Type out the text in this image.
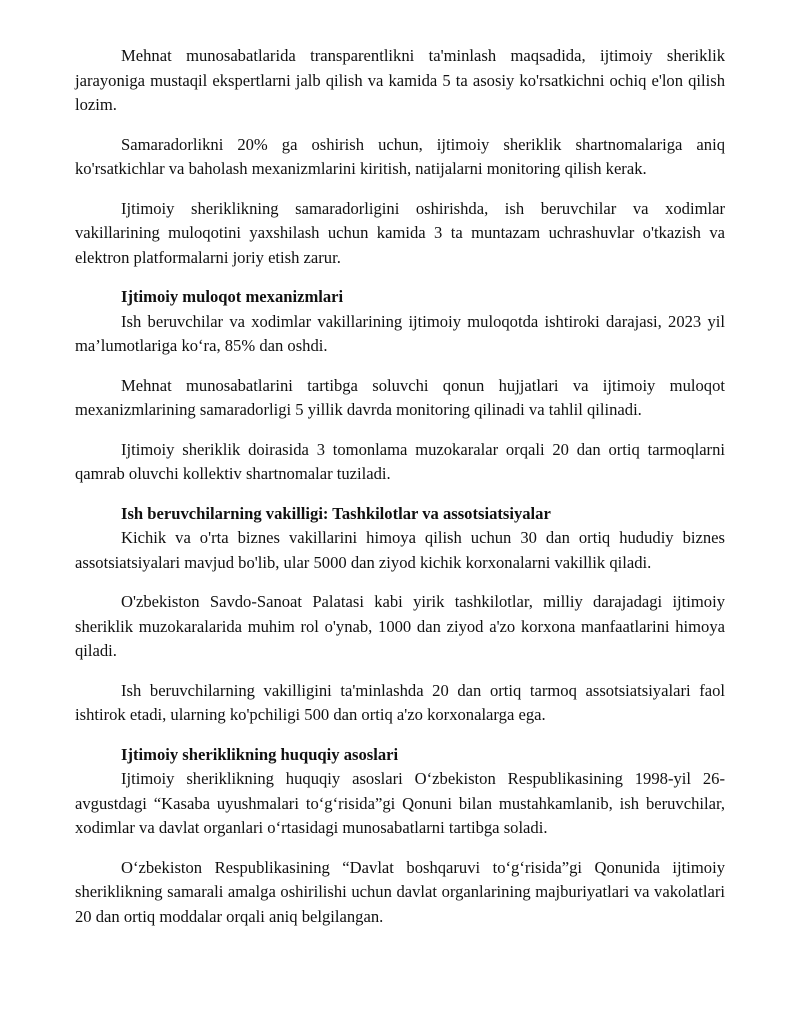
Mehnat munosabatlarida transparentlikni ta'minlash maqsadida, ijtimoiy sheriklik jarayoniga mustaqil ekspertlarni jalb qilish va kamida 5 ta asosiy ko'rsatkichni ochiq e'lon qilish lozim.

Samaradorlikni 20% ga oshirish uchun, ijtimoiy sheriklik shartnomalariga aniq ko'rsatkichlar va baholash mexanizmlarini kiritish, natijalarni monitoring qilish kerak.

Ijtimoiy sheriklikning samaradorligini oshirishda, ish beruvchilar va xodimlar vakillarining muloqotini yaxshilash uchun kamida 3 ta muntazam uchrashuvlar o'tkazish va elektron platformalarni joriy etish zarur.

Ijtimoiy muloqot mexanizmlari

Ish beruvchilar va xodimlar vakillarining ijtimoiy muloqotda ishtiroki darajasi, 2023 yil ma’lumotlariga ko‘ra, 85% dan oshdi.

Mehnat munosabatlarini tartibga soluvchi qonun hujjatlari va ijtimoiy muloqot mexanizmlarining samaradorligi 5 yillik davrda monitoring qilinadi va tahlil qilinadi.

Ijtimoiy sheriklik doirasida 3 tomonlama muzokaralar orqali 20 dan ortiq tarmoqlarni qamrab oluvchi kollektiv shartnomalar tuziladi.

Ish beruvchilarning vakilligi: Tashkilotlar va assotsiatsiyalar

Kichik va o'rta biznes vakillarini himoya qilish uchun 30 dan ortiq hududiy biznes assotsiatsiyalari mavjud bo'lib, ular 5000 dan ziyod kichik korxonalarni vakillik qiladi.

O'zbekiston Savdo-Sanoat Palatasi kabi yirik tashkilotlar, milliy darajadagi ijtimoiy sheriklik muzokaralarida muhim rol o'ynab, 1000 dan ziyod a'zo korxona manfaatlarini himoya qiladi.

Ish beruvchilarning vakilligini ta'minlashda 20 dan ortiq tarmoq assotsiatsiyalari faol ishtirok etadi, ularning ko'pchiligi 500 dan ortiq a'zo korxonalarga ega.

Ijtimoiy sheriklikning huquqiy asoslari

Ijtimoiy sheriklikning huquqiy asoslari O‘zbekiston Respublikasining 1998-yil 26-avgustdagi “Kasaba uyushmalari to‘g‘risida”gi Qonuni bilan mustahkamlanib, ish beruvchilar, xodimlar va davlat organlari o‘rtasidagi munosabatlarni tartibga soladi.

O‘zbekiston Respublikasining “Davlat boshqaruvi to‘g‘risida”gi Qonunida ijtimoiy sheriklikning samarali amalga oshirilishi uchun davlat organlarining majburiyatlari va vakolatlari 20 dan ortiq moddalar orqali aniq belgilangan.
